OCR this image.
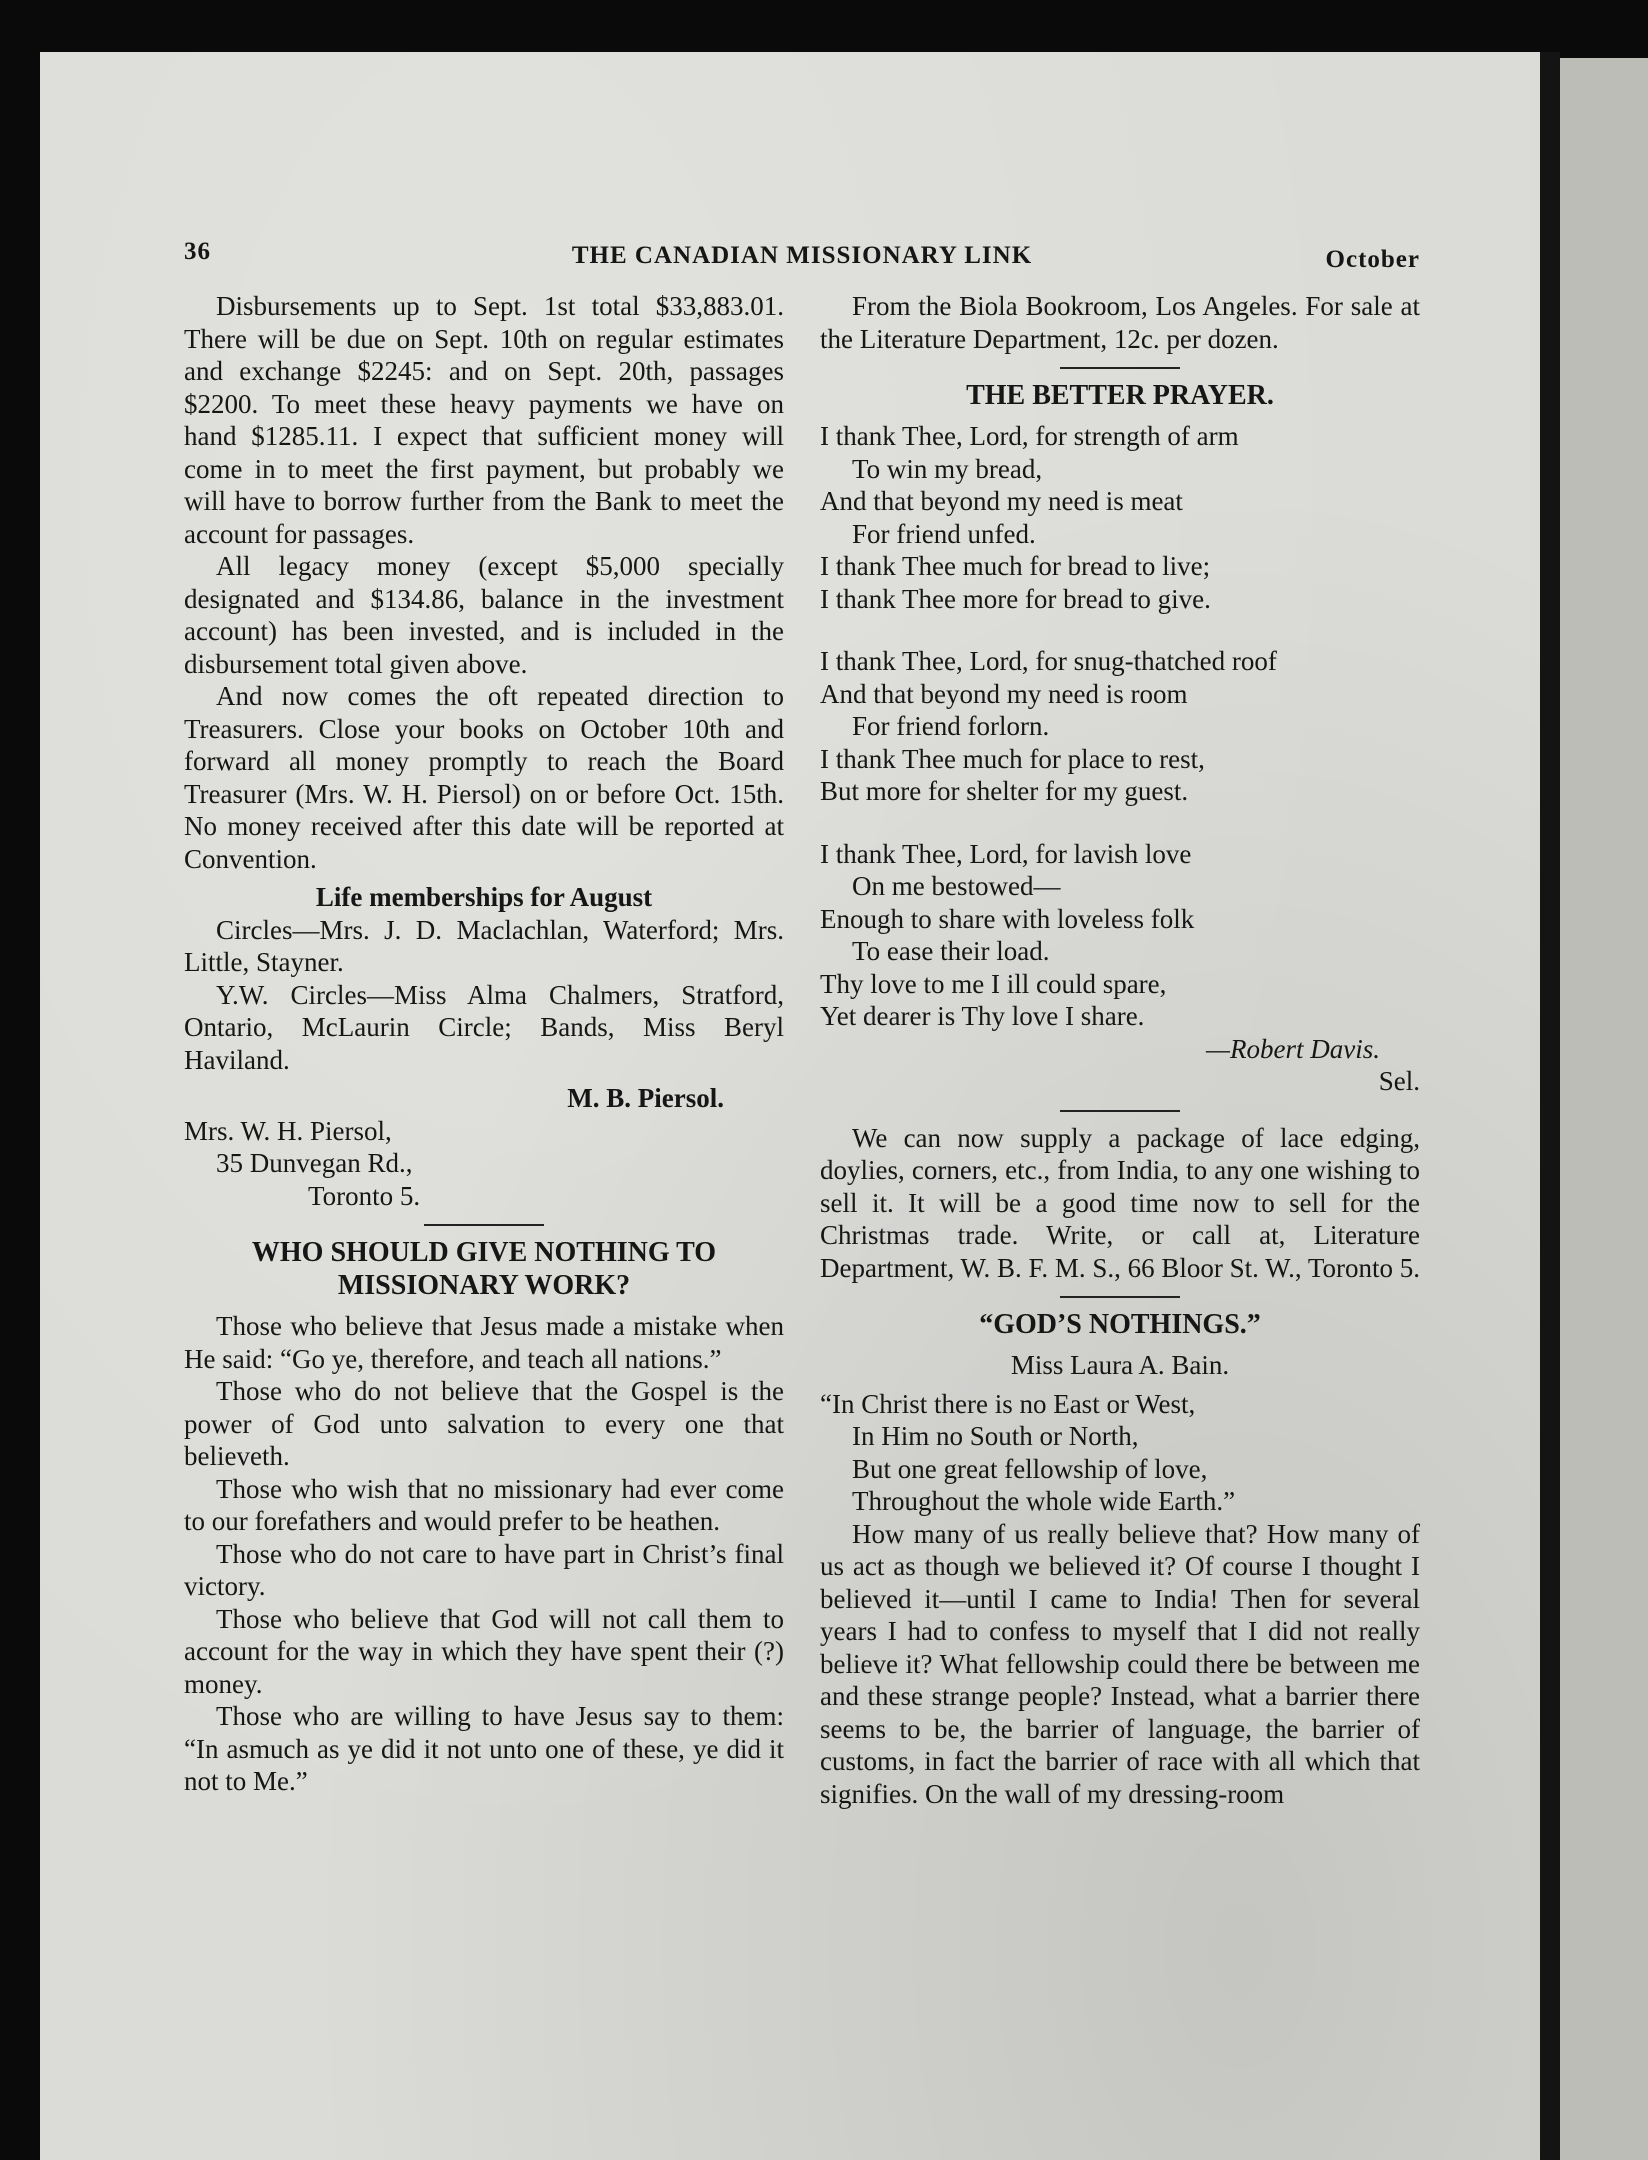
36	THE CANADIAN MISSIONARY LINK	October

Disbursements up to Sept. 1st total $33,883.01. There will be due on Sept. 10th on regular estimates and exchange $2245: and on Sept. 20th, passages $2200. To meet these heavy payments we have on hand $1285.11. I expect that sufficient money will come in to meet the first payment, but probably we will have to borrow further from the Bank to meet the account for passages.

All legacy money (except $5,000 specially designated and $134.86, balance in the investment account) has been invested, and is included in the disbursement total given above.

And now comes the oft repeated direction to Treasurers. Close your books on October 10th and forward all money promptly to reach the Board Treasurer (Mrs. W. H. Piersol) on or before Oct. 15th. No money received after this date will be reported at Convention.

Life memberships for August

Circles—Mrs. J. D. Maclachlan, Waterford; Mrs. Little, Stayner.

Y.W. Circles—Miss Alma Chalmers, Stratford, Ontario, McLaurin Circle; Bands, Miss Beryl Haviland.

M. B. Piersol.

Mrs. W. H. Piersol,
35 Dunvegan Rd.,
Toronto 5.
WHO SHOULD GIVE NOTHING TO
MISSIONARY WORK?

Those who believe that Jesus made a mistake when He said: “Go ye, therefore, and teach all nations.”

Those who do not believe that the Gospel is the power of God unto salvation to every one that believeth.

Those who wish that no missionary had ever come to our forefathers and would prefer to be heathen.

Those who do not care to have part in Christ’s final victory.

Those who believe that God will not call them to account for the way in which they have spent their (?) money.

Those who are willing to have Jesus say to them: “In asmuch as ye did it not unto one of these, ye did it not to Me.”

From the Biola Bookroom, Los Angeles. For sale at the Literature Department, 12c. per dozen.

THE BETTER PRAYER.
I thank Thee, Lord, for strength of arm
To win my bread,
And that beyond my need is meat
For friend unfed.
I thank Thee much for bread to live;
I thank Thee more for bread to give.
I thank Thee, Lord, for snug-thatched roof
And that beyond my need is room
For friend forlorn.
I thank Thee much for place to rest,
But more for shelter for my guest.
I thank Thee, Lord, for lavish love
On me bestowed—
Enough to share with loveless folk
To ease their load.
Thy love to me I ill could spare,
Yet dearer is Thy love I share.
—Robert Davis.
Sel.

We can now supply a package of lace edging, doylies, corners, etc., from India, to any one wishing to sell it. It will be a good time now to sell for the Christmas trade. Write, or call at, Literature Department, W. B. F. M. S., 66 Bloor St. W., Toronto 5.

“GOD’S NOTHINGS.”
Miss Laura A. Bain.
“In Christ there is no East or West,
In Him no South or North,
But one great fellowship of love,
Throughout the whole wide Earth.”

How many of us really believe that? How many of us act as though we believed it? Of course I thought I believed it—until I came to India! Then for several years I had to confess to myself that I did not really believe it? What fellowship could there be between me and these strange people? Instead, what a barrier there seems to be, the barrier of language, the barrier of customs, in fact the barrier of race with all which that signifies. On the wall of my dressing-room
